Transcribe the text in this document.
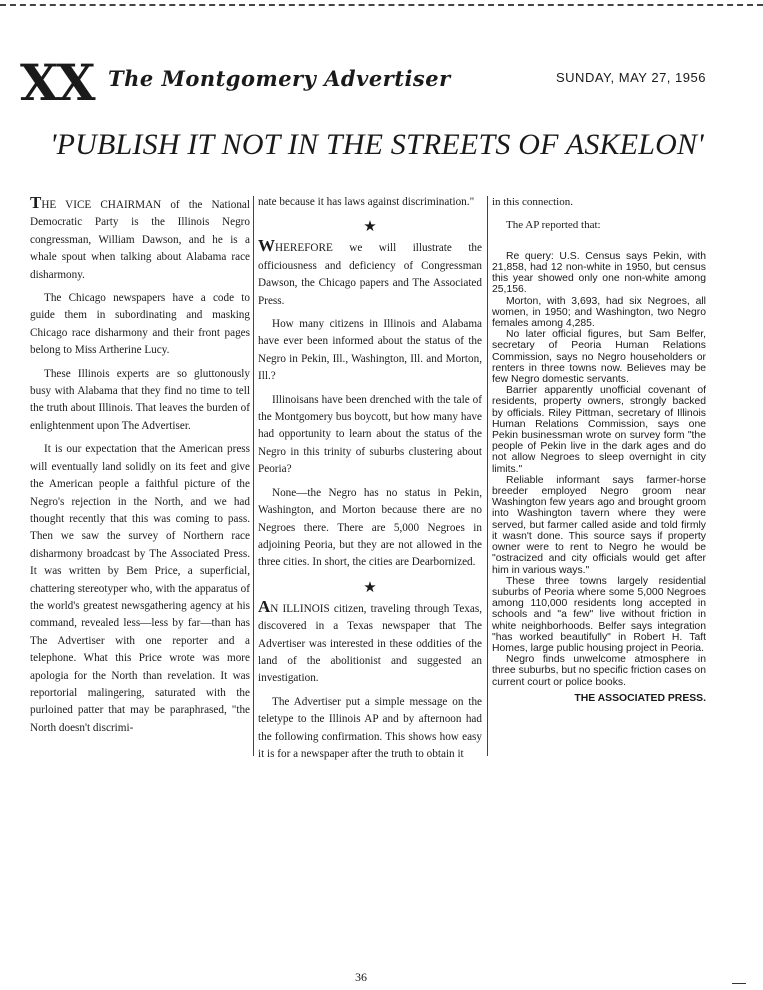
XX The Montgomery Advertiser	SUNDAY, MAY 27, 1956
'PUBLISH IT NOT IN THE STREETS OF ASKELON'

THE VICE CHAIRMAN of the National Democratic Party is the Illinois Negro congressman, William Dawson, and he is a whale spout when talking about Alabama race disharmony.

The Chicago newspapers have a code to guide them in subordinating and masking Chicago race disharmony and their front pages belong to Miss Artherine Lucy.

These Illinois experts are so gluttonously busy with Alabama that they find no time to tell the truth about Illinois. That leaves the burden of enlightenment upon The Advertiser.

It is our expectation that the American press will eventually land solidly on its feet and give the American people a faithful picture of the Negro's rejection in the North, and we had thought recently that this was coming to pass. Then we saw the survey of Northern race disharmony broadcast by The Associated Press. It was written by Bem Price, a superficial, chattering stereotyper who, with the apparatus of the world's greatest newsgathering agency at his command, revealed less—less by far—than has The Advertiser with one reporter and a telephone. What this Price wrote was more apologia for the North than revelation. It was reportorial malingering, saturated with the purloined patter that may be paraphrased, "the North doesn't discrimi-

nate because it has laws against discrimination."

★

WHEREFORE we will illustrate the officiousness and deficiency of Congressman Dawson, the Chicago papers and The Associated Press.

How many citizens in Illinois and Alabama have ever been informed about the status of the Negro in Pekin, Ill., Washington, Ill. and Morton, Ill.?

Illinoisans have been drenched with the tale of the Montgomery bus boycott, but how many have had opportunity to learn about the status of the Negro in this trinity of suburbs clustering about Peoria?

None—the Negro has no status in Pekin, Washington, and Morton because there are no Negroes there. There are 5,000 Negroes in adjoining Peoria, but they are not allowed in the three cities. In short, the cities are Dearbornized.

★

AN ILLINOIS citizen, traveling through Texas, discovered in a Texas newspaper that The Advertiser was interested in these oddities of the land of the abolitionist and suggested an investigation.

The Advertiser put a simple message on the teletype to the Illinois AP and by afternoon had the following confirmation. This shows how easy it is for a newspaper after the truth to obtain it

in this connection.

The AP reported that:

Re query: U.S. Census says Pekin, with 21,858, had 12 non-white in 1950, but census this year showed only one non-white among 25,156.

Morton, with 3,693, had six Negroes, all women, in 1950; and Washington, two Negro females among 4,285.

No later official figures, but Sam Belfer, secretary of Peoria Human Relations Commission, says no Negro householders or renters in three towns now. Believes may be few Negro domestic servants.

Barrier apparently unofficial covenant of residents, property owners, strongly backed by officials. Riley Pittman, secretary of Illinois Human Relations Commission, says one Pekin businessman wrote on survey form "the people of Pekin live in the dark ages and do not allow Negroes to sleep overnight in city limits."

Reliable informant says farmer-horse breeder employed Negro groom near Washington few years ago and brought groom into Washington tavern where they were served, but farmer called aside and told firmly it wasn't done. This source says if property owner were to rent to Negro he would be "ostracized and city officials would get after him in various ways."

These three towns largely residential suburbs of Peoria where some 5,000 Negroes among 110,000 residents long accepted in schools and "a few" live without friction in white neighborhoods. Belfer says integration "has worked beautifully" in Robert H. Taft Homes, large public housing project in Peoria.

Negro finds unwelcome atmosphere in three suburbs, but no specific friction cases on current court or police books.

THE ASSOCIATED PRESS.
36
